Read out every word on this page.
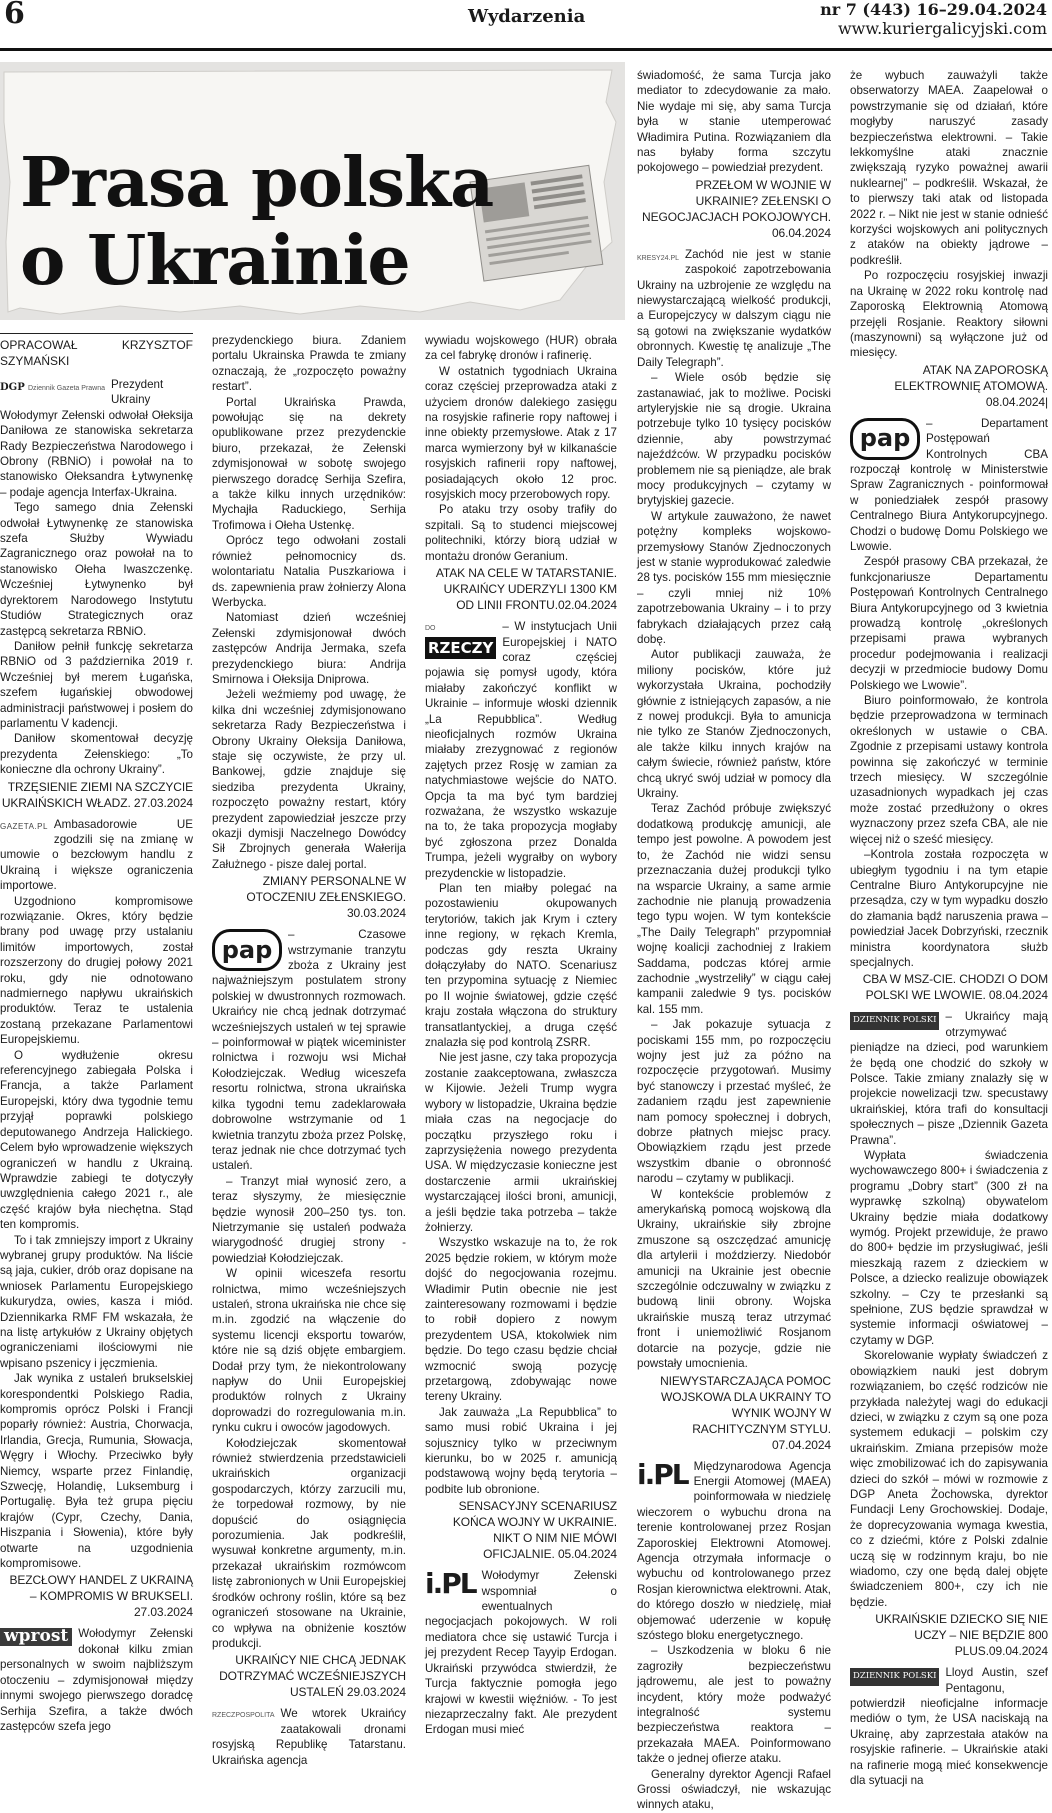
6	Wydarzenia	nr 7 (443) 16–29.04.2024
www.kuriergalicyjski.com
Prasa polska
o Ukrainie
OPRACOWAŁ KRZYSZTOF SZYMAŃSKI
DGP Dziennik Gazeta Prawna Prezydent Ukrainy Wołodymyr Zełenski odwołał Ołeksija Daniłowa ze stanowiska sekretarza Rady Bezpieczeństwa Narodowego i Obrony (RBNiO) i powołał na to stanowisko Ołeksandra Łytwynenkę – podaje agencja Interfax-Ukraina.

Tego samego dnia Zełenski odwołał Łytwynenkę ze stanowiska szefa Służby Wywiadu Zagranicznego oraz powołał na to stanowisko Ołeha Iwaszczenkę. Wcześniej Łytwynenko był dyrektorem Narodowego Instytutu Studiów Strategicznych oraz zastępcą sekretarza RBNiO.

Daniłow pełnił funkcję sekretarza RBNiO od 3 października 2019 r. Wcześniej był merem Ługańska, szefem ługańskiej obwodowej administracji państwowej i posłem do parlamentu V kadencji.

Daniłow skomentował decyzję prezydenta Zełenskiego: „To konieczne dla ochrony Ukrainy”.

TRZĘSIENIE ZIEMI NA SZCZYCIE UKRAIŃSKICH WŁADZ. 27.03.2024
GAZETA.PL Ambasadorowie UE zgodzili się na zmianę w umowie o bezcłowym handlu z Ukrainą i większe ograniczenia importowe.

Uzgodniono kompromisowe rozwiązanie. Okres, który będzie brany pod uwagę przy ustalaniu limitów importowych, został rozszerzony do drugiej połowy 2021 roku, gdy nie odnotowano nadmiernego napływu ukraińskich produktów. Teraz te ustalenia zostaną przekazane Parlamentowi Europejskiemu.

O wydłużenie okresu referencyjnego zabiegała Polska i Francja, a także Parlament Europejski, który dwa tygodnie temu przyjął poprawki polskiego deputowanego Andrzeja Halickiego. Celem było wprowadzenie większych ograniczeń w handlu z Ukrainą. Wprawdzie zabiegi te dotyczyły uwzględnienia całego 2021 r., ale część krajów była niechętna. Stąd ten kompromis.

To i tak zmniejszy import z Ukrainy wybranej grupy produktów. Na liście są jaja, cukier, drób oraz dopisane na wniosek Parlamentu Europejskiego kukurydza, owies, kasza i miód. Dziennikarka RMF FM wskazała, że na listę artykułów z Ukrainy objętych ograniczeniami ilościowymi nie wpisano pszenicy i jęczmienia.

Jak wynika z ustaleń brukselskiej korespondentki Polskiego Radia, kompromis oprócz Polski i Francji poparły również: Austria, Chorwacja, Irlandia, Grecja, Rumunia, Słowacja, Węgry i Włochy. Przeciwko były Niemcy, wsparte przez Finlandię, Szwecję, Holandię, Luksemburg i Portugalię. Była też grupa pięciu krajów (Cypr, Czechy, Dania, Hiszpania i Słowenia), które były otwarte na uzgodnienia kompromisowe.

BEZCŁOWY HANDEL Z UKRAINĄ – KOMPROMIS W BRUKSELI. 27.03.2024
wprost Wołodymyr Zełenski dokonał kilku zmian personalnych w swoim najbliższym otoczeniu – zdymisjonował między innymi swojego pierwszego doradcę Serhija Szefira, a także dwóch zastępców szefa jego

prezydenckiego biura. Zdaniem portalu Ukrainska Prawda te zmiany oznaczają, że „rozpoczęto poważny restart”.

Portal Ukraińska Prawda, powołując się na dekrety opublikowane przez prezydenckie biuro, przekazał, że Zełenski zdymisjonował w sobotę swojego pierwszego doradcę Serhija Szefira, a także kilku innych urzędników: Mychajła Raduckiego, Serhija Trofimowa i Ołeha Ustenkę.

Oprócz tego odwołani zostali również pełnomocnicy ds. wolontariatu Natalia Puszkariowa i ds. zapewnienia praw żołnierzy Alona Werbycka.

Natomiast dzień wcześniej Zełenski zdymisjonował dwóch zastępców Andrija Jermaka, szefa prezydenckiego biura: Andrija Smirnowa i Ołeksija Dniprowa.

Jeżeli weźmiemy pod uwagę, że kilka dni wcześniej zdymisjonowano sekretarza Rady Bezpieczeństwa i Obrony Ukrainy Ołeksija Daniłowa, staje się oczywiste, że przy ul. Bankowej, gdzie znajduje się siedziba prezydenta Ukrainy, rozpoczęto poważny restart, który prezydent zapowiedział jeszcze przy okazji dymisji Naczelnego Dowódcy Sił Zbrojnych generała Wałerija Załużnego - pisze dalej portal.

ZMIANY PERSONALNE W OTOCZENIU ZEŁENSKIEGO. 30.03.2024
pap

– Czasowe wstrzymanie tranzytu zboża z Ukrainy jest najważniejszym postulatem strony polskiej w dwustronnych rozmowach. Ukraińcy nie chcą jednak dotrzymać wcześniejszych ustaleń w tej sprawie – poinformował w piątek wiceminister rolnictwa i rozwoju wsi Michał Kołodziejczak. Według wiceszefa resortu rolnictwa, strona ukraińska kilka tygodni temu zadeklarowała dobrowolne wstrzymanie od 1 kwietnia tranzytu zboża przez Polskę, teraz jednak nie chce dotrzymać tych ustaleń.

– Tranzyt miał wynosić zero, a teraz słyszymy, że miesięcznie będzie wynosił 200–250 tys. ton. Nietrzymanie się ustaleń podważa wiarygodność drugiej strony - powiedział Kołodziejczak.

W opinii wiceszefa resortu rolnictwa, mimo wcześniejszych ustaleń, strona ukraińska nie chce się m.in. zgodzić na włączenie do systemu licencji eksportu towarów, które nie są dziś objęte embargiem. Dodał przy tym, że niekontrolowany napływ do Unii Europejskiej produktów rolnych z Ukrainy doprowadzi do rozregulowania m.in. rynku cukru i owoców jagodowych.

Kołodziejczak skomentował również stwierdzenia przedstawicieli ukraińskich organizacji gospodarczych, którzy zarzucili mu, że torpedował rozmowy, by nie dopuścić do osiągnięcia porozumienia. Jak podkreślił, wysuwał konkretne argumenty, m.in. przekazał ukraińskim rozmówcom listę zabronionych w Unii Europejskiej środków ochrony roślin, które są bez ograniczeń stosowane na Ukrainie, co wpływa na obniżenie kosztów produkcji.

UKRAIŃCY NIE CHCĄ JEDNAK DOTRZYMAĆ WCZEŚNIEJSZYCH USTALEŃ 29.03.2024
RZECZPOSPOLITA We wtorek Ukraińcy zaatakowali dronami rosyjską Republikę Tatarstanu. Ukraińska agencja

wywiadu wojskowego (HUR) obrała za cel fabrykę dronów i rafinerię.

W ostatnich tygodniach Ukraina coraz częściej przeprowadza ataki z użyciem dronów dalekiego zasięgu na rosyjskie rafinerie ropy naftowej i inne obiekty przemysłowe. Atak z 17 marca wymierzony był w kilkanaście rosyjskich rafinerii ropy naftowej, posiadających około 12 proc. rosyjskich mocy przerobowych ropy.

Po ataku trzy osoby trafiły do szpitali. Są to studenci miejscowej politechniki, którzy biorą udział w montażu dronów Geranium.

ATAK NA CELE W TATARSTANIE. UKRAIŃCY UDERZYLI 1300 KM OD LINII FRONTU.02.04.2024
DO
RZECZY

– W instytucjach Unii Europejskiej i NATO coraz częściej pojawia się pomysł ugody, która miałaby zakończyć konflikt w Ukrainie – informuje włoski dziennik „La Repubblica”. Według nieoficjalnych rozmów Ukraina miałaby zrezygnować z regionów zajętych przez Rosję w zamian za natychmiastowe wejście do NATO. Opcja ta ma być tym bardziej rozważana, że wszystko wskazuje na to, że taka propozycja mogłaby być zgłoszona przez Donalda Trumpa, jeżeli wygrałby on wybory prezydenckie w listopadzie.

Plan ten miałby polegać na pozostawieniu okupowanych terytoriów, takich jak Krym i cztery inne regiony, w rękach Kremla, podczas gdy reszta Ukrainy dołączyłaby do NATO. Scenariusz ten przypomina sytuację z Niemiec po II wojnie światowej, gdzie część kraju została włączona do struktury transatlantyckiej, a druga część znalazła się pod kontrolą ZSRR.

Nie jest jasne, czy taka propozycja zostanie zaakceptowana, zwłaszcza w Kijowie. Jeżeli Trump wygra wybory w listopadzie, Ukraina będzie miała czas na negocjacje do początku przyszłego roku i zaprzysiężenia nowego prezydenta USA. W międzyczasie konieczne jest dostarczenie armii ukraińskiej wystarczającej ilości broni, amunicji, a jeśli będzie taka potrzeba – także żołnierzy.

Wszystko wskazuje na to, że rok 2025 będzie rokiem, w którym może dojść do negocjowania rozejmu. Władimir Putin obecnie nie jest zainteresowany rozmowami i będzie to robił dopiero z nowym prezydentem USA, ktokolwiek nim będzie. Do tego czasu będzie chciał wzmocnić swoją pozycję przetargową, zdobywając nowe tereny Ukrainy.

Jak zauważa „La Repubblica” to samo musi robić Ukraina i jej sojusznicy tylko w przeciwnym kierunku, bo w 2025 r. amunicją podstawową wojny będą terytoria – podbite lub obronione.

SENSACYJNY SCENARIUSZ KOŃCA WOJNY W UKRAINIE. NIKT O NIM NIE MÓWI OFICJALNIE. 05.04.2024
i.PL Wołodymyr Zełenski wspomniał o ewentualnych negocjacjach pokojowych. W roli mediatora chce się ustawić Turcja i jej prezydent Recep Tayyip Erdogan. Ukraiński przywódca stwierdził, że Turcja faktycznie pomogła jego krajowi w kwestii więźniów. - To jest niezaprzeczalny fakt. Ale prezydent Erdogan musi mieć

świadomość, że sama Turcja jako mediator to zdecydowanie za mało. Nie wydaje mi się, aby sama Turcja była w stanie utemperować Władimira Putina. Rozwiązaniem dla nas byłaby forma szczytu pokojowego – powiedział prezydent.

PRZEŁOM W WOJNIE W UKRAINIE? ZEŁENSKI O NEGOCJACJACH POKOJOWYCH. 06.04.2024
KRESY24.PL Zachód nie jest w stanie zaspokoić zapotrzebowania Ukrainy na uzbrojenie ze względu na niewystarczającą wielkość produkcji, a Europejczycy w dalszym ciągu nie są gotowi na zwiększanie wydatków obronnych. Kwestię tę analizuje „The Daily Telegraph”.

– Wiele osób będzie się zastanawiać, jak to możliwe. Pociski artyleryjskie nie są drogie. Ukraina potrzebuje tylko 10 tysięcy pocisków dziennie, aby powstrzymać najeźdźców. W przypadku pocisków problemem nie są pieniądze, ale brak mocy produkcyjnych – czytamy w brytyjskiej gazecie.

W artykule zauważono, że nawet potężny kompleks wojskowo-przemysłowy Stanów Zjednoczonych jest w stanie wyprodukować zaledwie 28 tys. pocisków 155 mm miesięcznie – czyli mniej niż 10% zapotrzebowania Ukrainy – i to przy fabrykach działających przez całą dobę.

Autor publikacji zauważa, że miliony pocisków, które już wykorzystała Ukraina, pochodziły głównie z istniejących zapasów, a nie z nowej produkcji. Była to amunicja nie tylko ze Stanów Zjednoczonych, ale także kilku innych krajów na całym świecie, również państw, które chcą ukryć swój udział w pomocy dla Ukrainy.

Teraz Zachód próbuje zwiększyć dodatkową produkcję amunicji, ale tempo jest powolne. A powodem jest to, że Zachód nie widzi sensu przeznaczania dużej produkcji tylko na wsparcie Ukrainy, a same armie zachodnie nie planują prowadzenia tego typu wojen. W tym kontekście „The Daily Telegraph” przypomniał wojnę koalicji zachodniej z Irakiem Saddama, podczas której armie zachodnie „wystrzeliły” w ciągu całej kampanii zaledwie 9 tys. pocisków kal. 155 mm.

– Jak pokazuje sytuacja z pociskami 155 mm, po rozpoczęciu wojny jest już za późno na rozpoczęcie przygotowań. Musimy być stanowczy i przestać myśleć, że zadaniem rządu jest zapewnienie nam pomocy społecznej i dobrych, dobrze płatnych miejsc pracy. Obowiązkiem rządu jest przede wszystkim dbanie o obronność narodu – czytamy w publikacji.

W kontekście problemów z amerykańską pomocą wojskową dla Ukrainy, ukraińskie siły zbrojne zmuszone są oszczędzać amunicję dla artylerii i moździerzy. Niedobór amunicji na Ukrainie jest obecnie szczególnie odczuwalny w związku z budową linii obrony. Wojska ukraińskie muszą teraz utrzymać front i uniemożliwić Rosjanom dotarcie na pozycje, gdzie nie powstały umocnienia.

NIEWYSTARCZAJĄCA POMOC WOJSKOWA DLA UKRAINY TO WYNIK WOJNY W RACHITYCZNYM STYLU. 07.04.2024
i.PL Międzynarodowa Agencja Energii Atomowej (MAEA) poinformowała w niedzielę wieczorem o wybuchu drona na terenie kontrolowanej przez Rosjan Zaporoskiej Elektrowni Atomowej. Agencja otrzymała informacje o wybuchu od kontrolowanego przez Rosjan kierownictwa elektrowni. Atak, do którego doszło w niedzielę, miał objemować uderzenie w kopułę szóstego bloku energetycznego.

– Uszkodzenia w bloku 6 nie zagroziły bezpieczeństwu jądrowemu, ale jest to poważny incydent, który może podważyć integralność systemu bezpieczeństwa reaktora – przekazała MAEA. Poinformowano także o jednej ofierze ataku.

Generalny dyrektor Agencji Rafael Grossi oświadczył, nie wskazując winnych ataku,

że wybuch zauważyli także obserwatorzy MAEA. Zaapelował o powstrzymanie się od działań, które mogłyby naruszyć zasady bezpieczeństwa elektrowni. – Takie lekkomyślne ataki znacznie zwiększają ryzyko poważnej awarii nuklearnej” – podkreślił. Wskazał, że to pierwszy taki atak od listopada 2022 r. – Nikt nie jest w stanie odnieść korzyści wojskowych ani politycznych z ataków na obiekty jądrowe – podkreślił.

Po rozpoczęciu rosyjskiej inwazji na Ukrainę w 2022 roku kontrolę nad Zaporoską Elektrownią Atomową przejęli Rosjanie. Reaktory siłowni (maszynowni) są wyłączone już od miesięcy.

ATAK NA ZAPOROSKĄ ELEKTROWNIĘ ATOMOWĄ. 08.04.2024|
pap

– Departament Postępowań Kontrolnych CBA rozpoczął kontrolę w Ministerstwie Spraw Zagranicznych - poinformował w poniedziałek zespół prasowy Centralnego Biura Antykorupcyjnego. Chodzi o budowę Domu Polskiego we Lwowie.

Zespół prasowy CBA przekazał, że funkcjonariusze Departamentu Postępowań Kontrolnych Centralnego Biura Antykorupcyjnego od 3 kwietnia prowadzą kontrolę „określonych przepisami prawa wybranych procedur podejmowania i realizacji decyzji w przedmiocie budowy Domu Polskiego we Lwowie”.

Biuro poinformowało, że kontrola będzie przeprowadzona w terminach określonych w ustawie o CBA. Zgodnie z przepisami ustawy kontrola powinna się zakończyć w terminie trzech miesięcy. W szczególnie uzasadnionych wypadkach jej czas może zostać przedłużony o okres wyznaczony przez szefa CBA, ale nie więcej niż o sześć miesięcy.

–Kontrola została rozpoczęta w ubiegłym tygodniu i na tym etapie Centralne Biuro Antykorupcyjne nie przesądza, czy w tym wypadku doszło do złamania bądź naruszenia prawa – powiedział Jacek Dobrzyński, rzecznik ministra koordynatora służb specjalnych.

CBA W MSZ-CIE. CHODZI O DOM POLSKI WE LWOWIE. 08.04.2024
DZIENNIK POLSKI – Ukraińcy mają otrzymywać pieniądze na dzieci, pod warunkiem że będą one chodzić do szkoły w Polsce. Takie zmiany znalazły się w projekcie nowelizacji tzw. specustawy ukraińskiej, która trafi do konsultacji społecznych – pisze „Dziennik Gazeta Prawna”.

Wypłata świadczenia wychowawczego 800+ i świadczenia z programu „Dobry start” (300 zł na wyprawkę szkolną) obywatelom Ukrainy będzie miała dodatkowy wymóg. Projekt przewiduje, że prawo do 800+ będzie im przysługiwać, jeśli mieszkają razem z dzieckiem w Polsce, a dziecko realizuje obowiązek szkolny. – Czy te przesłanki są spełnione, ZUS będzie sprawdzał w systemie informacji oświatowej – czytamy w DGP.

Skorelowanie wypłaty świadczeń z obowiązkiem nauki jest dobrym rozwiązaniem, bo część rodziców nie przykłada należytej wagi do edukacji dzieci, w związku z czym są one poza systemem edukacji – polskim czy ukraińskim. Zmiana przepisów może więc zmobilizować ich do zapisywania dzieci do szkół – mówi w rozmowie z DGP Aneta Żochowska, dyrektor Fundacji Leny Grochowskiej. Dodaje, że doprecyzowania wymaga kwestia, co z dziećmi, które z Polski zdalnie uczą się w rodzinnym kraju, bo nie wiadomo, czy one będą dalej objęte świadczeniem 800+, czy ich nie będzie.

UKRAIŃSKIE DZIECKO SIĘ NIE UCZY – NIE BĘDZIE 800 PLUS.09.04.2024
DZIENNIK POLSKI Lloyd Austin, szef Pentagonu, potwierdził nieoficjalne informacje mediów o tym, że USA naciskają na Ukrainę, aby zaprzestała ataków na rosyjskie rafinerie. – Ukraińskie ataki na rafinerie mogą mieć konsekwencje dla sytuacji na
